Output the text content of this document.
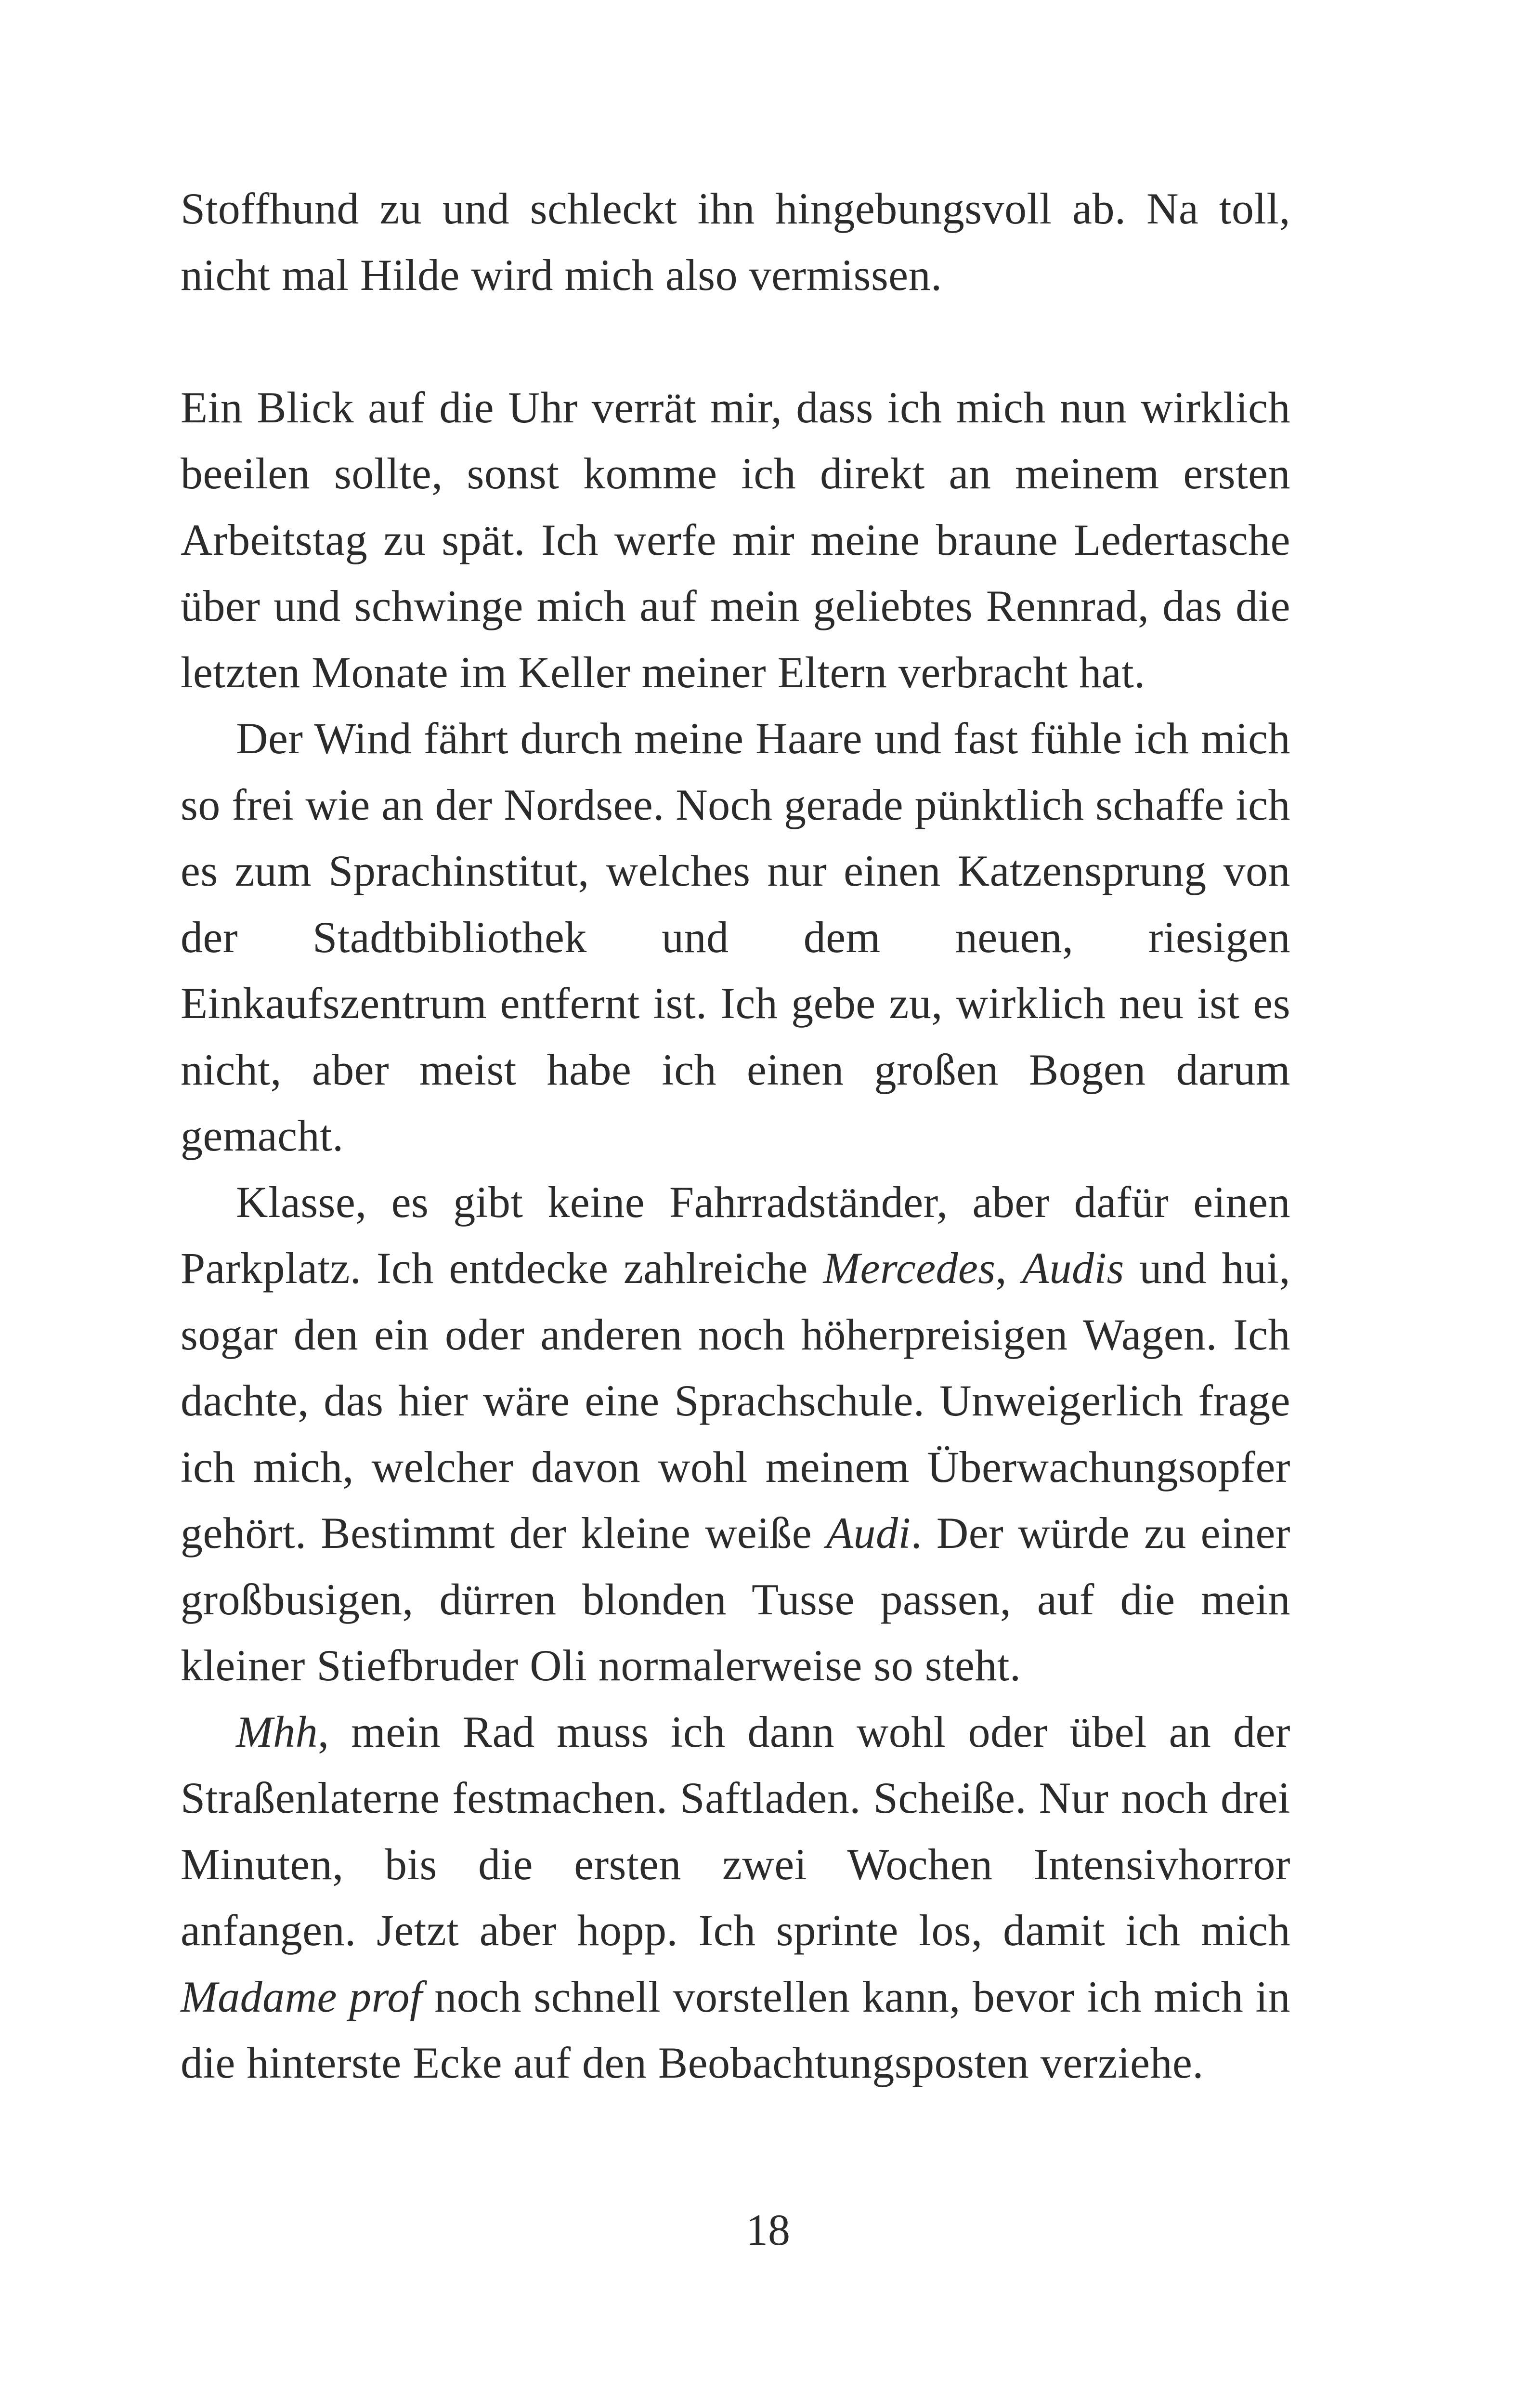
Stoffhund zu und schleckt ihn hingebungsvoll ab. Na toll, nicht mal Hilde wird mich also vermissen.

Ein Blick auf die Uhr verrät mir, dass ich mich nun wirklich beeilen sollte, sonst komme ich direkt an meinem ersten Arbeitstag zu spät. Ich werfe mir meine braune Ledertasche über und schwinge mich auf mein geliebtes Rennrad, das die letzten Monate im Keller meiner Eltern verbracht hat.

Der Wind fährt durch meine Haare und fast fühle ich mich so frei wie an der Nordsee. Noch gerade pünktlich schaffe ich es zum Sprachinstitut, welches nur einen Katzensprung von der Stadtbibliothek und dem neuen, riesigen Einkaufszentrum entfernt ist. Ich gebe zu, wirklich neu ist es nicht, aber meist habe ich einen großen Bogen darum gemacht.

Klasse, es gibt keine Fahrradständer, aber dafür einen Parkplatz. Ich entdecke zahlreiche Mercedes, Audis und hui, sogar den ein oder anderen noch höherpreisigen Wagen. Ich dachte, das hier wäre eine Sprachschule. Unweigerlich frage ich mich, welcher davon wohl meinem Überwachungsopfer gehört. Bestimmt der kleine weiße Audi. Der würde zu einer großbusigen, dürren blonden Tusse passen, auf die mein kleiner Stiefbruder Oli normalerweise so steht.

Mhh, mein Rad muss ich dann wohl oder übel an der Straßenlaterne festmachen. Saftladen. Scheiße. Nur noch drei Minuten, bis die ersten zwei Wochen Intensivhorror anfangen. Jetzt aber hopp. Ich sprinte los, damit ich mich Madame prof noch schnell vorstellen kann, bevor ich mich in die hinterste Ecke auf den Beobachtungsposten verziehe.

18
